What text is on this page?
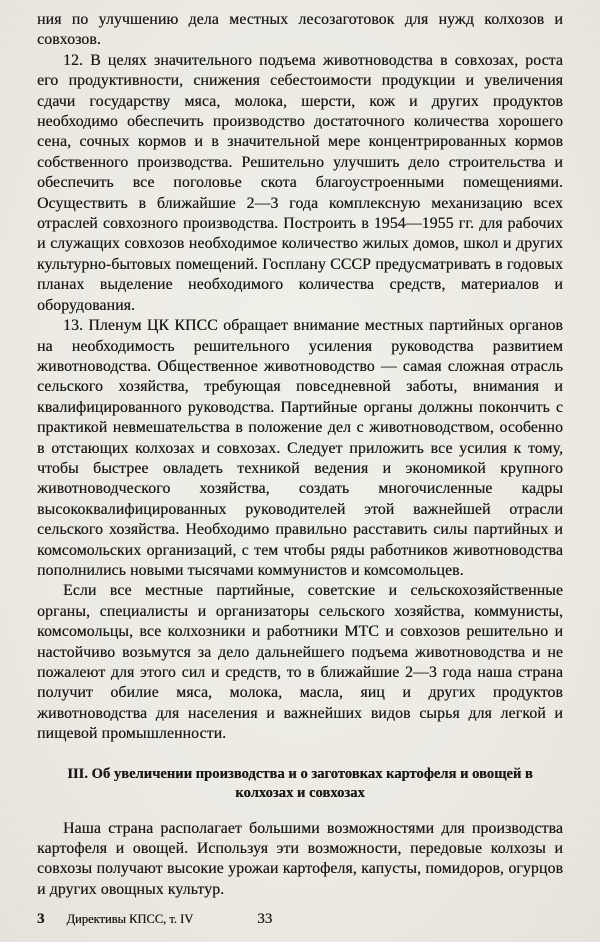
ния по улучшению дела местных лесозаготовок для нужд колхозов и совхозов.

12. В целях значительного подъема животноводства в совхозах, роста его продуктивности, снижения себестоимости продукции и увеличения сдачи государству мяса, молока, шерсти, кож и других продуктов необходимо обеспечить производство достаточного количества хорошего сена, сочных кормов и в значительной мере концентрированных кормов собственного производства. Решительно улучшить дело строительства и обеспечить все поголовье скота благоустроенными помещениями. Осуществить в ближайшие 2—3 года комплексную механизацию всех отраслей совхозного производства. Построить в 1954—1955 гг. для рабочих и служащих совхозов необходимое количество жилых домов, школ и других культурно-бытовых помещений. Госплану СССР предусматривать в годовых планах выделение необходимого количества средств, материалов и оборудования.

13. Пленум ЦК КПСС обращает внимание местных партийных органов на необходимость решительного усиления руководства развитием животноводства. Общественное животноводство — самая сложная отрасль сельского хозяйства, требующая повседневной заботы, внимания и квалифицированного руководства. Партийные органы должны покончить с практикой невмешательства в положение дел с животноводством, особенно в отстающих колхозах и совхозах. Следует приложить все усилия к тому, чтобы быстрее овладеть техникой ведения и экономикой крупного животноводческого хозяйства, создать многочисленные кадры высококвалифицированных руководителей этой важнейшей отрасли сельского хозяйства. Необходимо правильно расставить силы партийных и комсомольских организаций, с тем чтобы ряды работников животноводства пополнились новыми тысячами коммунистов и комсомольцев.

Если все местные партийные, советские и сельскохозяйственные органы, специалисты и организаторы сельского хозяйства, коммунисты, комсомольцы, все колхозники и работники МТС и совхозов решительно и настойчиво возьмутся за дело дальнейшего подъема животноводства и не пожалеют для этого сил и средств, то в ближайшие 2—3 года наша страна получит обилие мяса, молока, масла, яиц и других продуктов животноводства для населения и важнейших видов сырья для легкой и пищевой промышленности.

III. Об увеличении производства и о заготовках картофеля и овощей в колхозах и совхозах

Наша страна располагает большими возможностями для производства картофеля и овощей. Используя эти возможности, передовые колхозы и совхозы получают высокие урожаи картофеля, капусты, помидоров, огурцов и других овощных культур.

3 Директивы КПСС, т. IV	33
